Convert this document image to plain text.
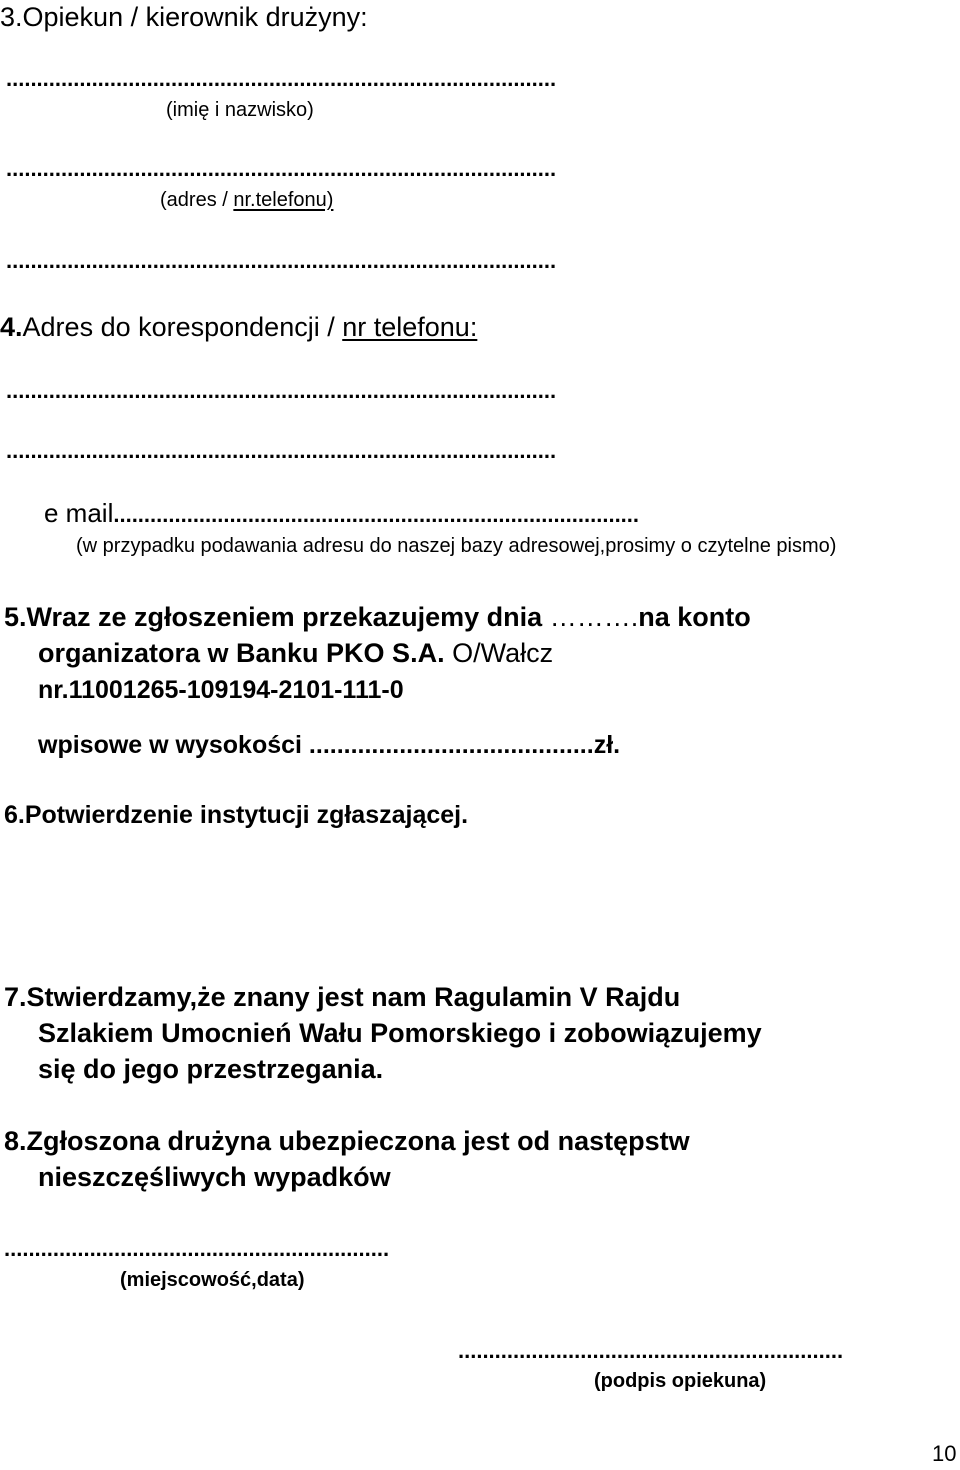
3.Opiekun / kierownik drużyny:
..........................................................................................
(imię i nazwisko)
..........................................................................................
(adres / nr.telefonu)
..........................................................................................
4.Adres do korespondencji / nr telefonu:
..........................................................................................
..........................................................................................
e mail......................................................................................
(w przypadku podawania adresu do naszej bazy adresowej,prosimy o czytelne pismo)
5.Wraz ze zgłoszeniem przekazujemy dnia ……….na konto
organizatora w Banku PKO S.A. O/Wałcz
nr.11001265-109194-2101-111-0
wpisowe w wysokości .........................................zł.
6.Potwierdzenie instytucji zgłaszającej.
7.Stwierdzamy,że znany jest nam Ragulamin V Rajdu
Szlakiem Umocnień Wału Pomorskiego i zobowiązujemy
się do jego przestrzegania.
8.Zgłoszona drużyna ubezpieczona jest od następstw
nieszczęśliwych wypadków
...............................................................
(miejscowość,data)
...............................................................
(podpis opiekuna)
10
